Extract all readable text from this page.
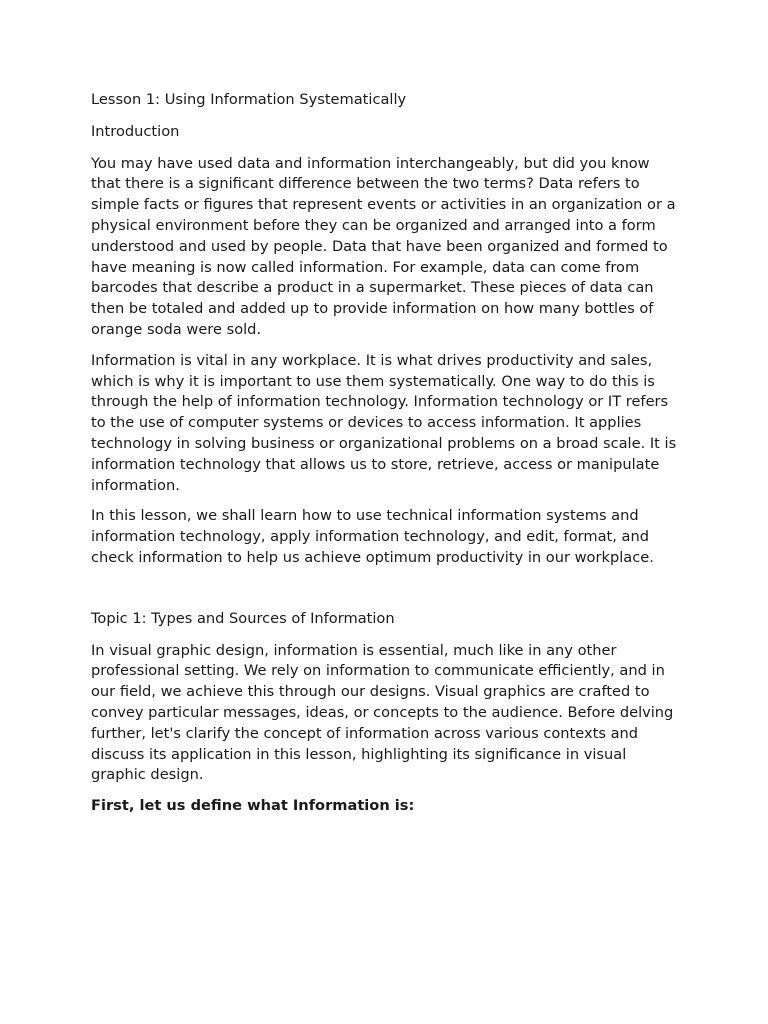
Lesson 1: Using Information Systematically

Introduction

You may have used data and information interchangeably, but did you know that there is a significant difference between the two terms? Data refers to simple facts or figures that represent events or activities in an organization or a physical environment before they can be organized and arranged into a form understood and used by people. Data that have been organized and formed to have meaning is now called information. For example, data can come from barcodes that describe a product in a supermarket. These pieces of data can then be totaled and added up to provide information on how many bottles of orange soda were sold.

Information is vital in any workplace. It is what drives productivity and sales, which is why it is important to use them systematically. One way to do this is through the help of information technology. Information technology or IT refers to the use of computer systems or devices to access information. It applies technology in solving business or organizational problems on a broad scale. It is information technology that allows us to store, retrieve, access or manipulate information.

In this lesson, we shall learn how to use technical information systems and information technology, apply information technology, and edit, format, and check information to help us achieve optimum productivity in our workplace.

Topic 1: Types and Sources of Information

In visual graphic design, information is essential, much like in any other professional setting. We rely on information to communicate efficiently, and in our field, we achieve this through our designs. Visual graphics are crafted to convey particular messages, ideas, or concepts to the audience. Before delving further, let's clarify the concept of information across various contexts and discuss its application in this lesson, highlighting its significance in visual graphic design.

First, let us define what Information is:
